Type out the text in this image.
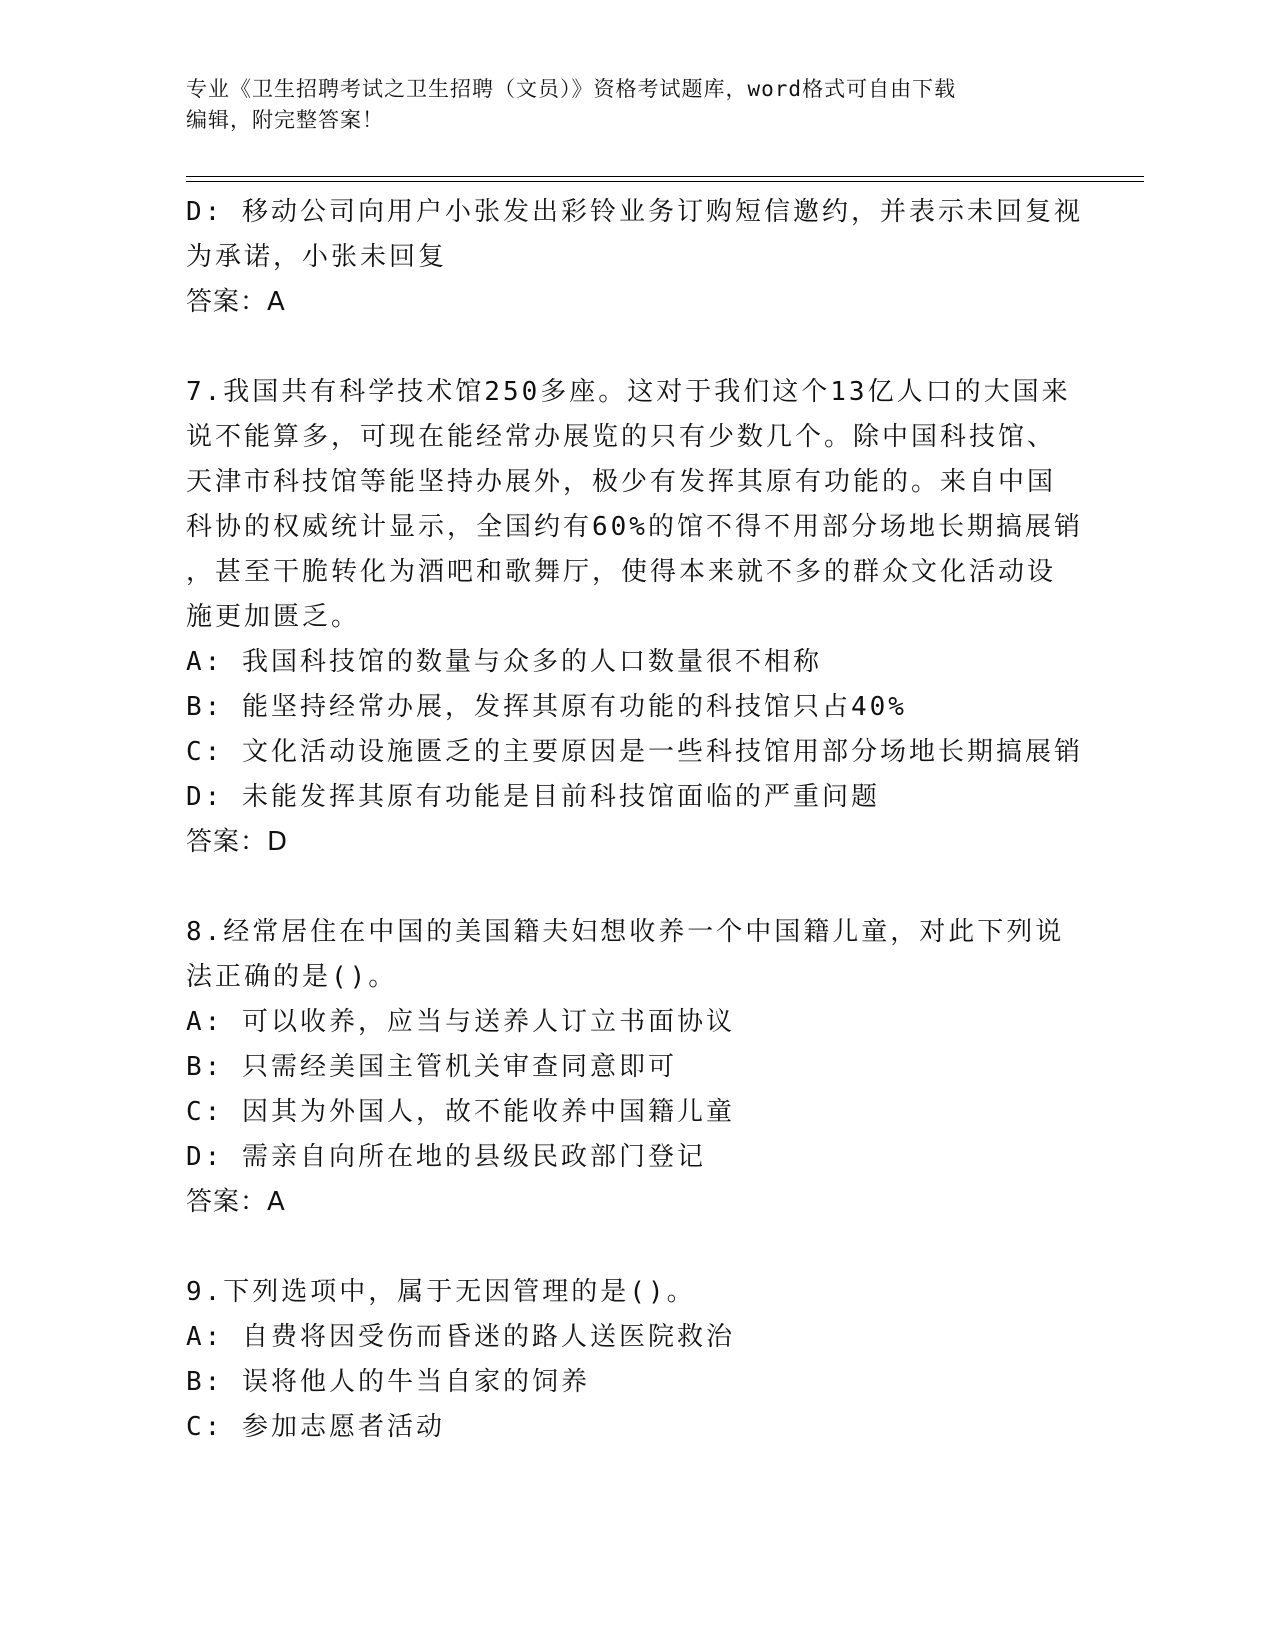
专业《卫生招聘考试之卫生招聘（文员）》资格考试题库，word格式可自由下载
编辑，附完整答案！

D: 移动公司向用户小张发出彩铃业务订购短信邀约，并表示未回复视

为承诺，小张未回复

答案：A

7.我国共有科学技术馆250多座。这对于我们这个13亿人口的大国来

说不能算多，可现在能经常办展览的只有少数几个。除中国科技馆、

天津市科技馆等能坚持办展外，极少有发挥其原有功能的。来自中国

科协的权威统计显示，全国约有60%的馆不得不用部分场地长期搞展销

，甚至干脆转化为酒吧和歌舞厅，使得本来就不多的群众文化活动设

施更加匮乏。

A: 我国科技馆的数量与众多的人口数量很不相称

B: 能坚持经常办展，发挥其原有功能的科技馆只占40%

C: 文化活动设施匮乏的主要原因是一些科技馆用部分场地长期搞展销

D: 未能发挥其原有功能是目前科技馆面临的严重问题

答案：D

8.经常居住在中国的美国籍夫妇想收养一个中国籍儿童，对此下列说

法正确的是()。

A: 可以收养，应当与送养人订立书面协议

B: 只需经美国主管机关审查同意即可

C: 因其为外国人，故不能收养中国籍儿童

D: 需亲自向所在地的县级民政部门登记

答案：A

9.下列选项中，属于无因管理的是()。

A: 自费将因受伤而昏迷的路人送医院救治

B: 误将他人的牛当自家的饲养

C: 参加志愿者活动
